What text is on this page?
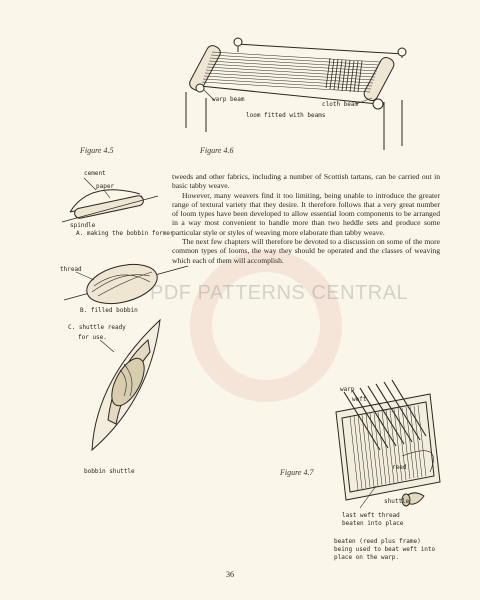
PDF PATTERNS CENTRAL
warp beam
cloth beam
loom fitted with beams
Figure 4.5	Figure 4.6
cement
paper
spindle
A. making the bobbin former
thread
B. filled bobbin
C. shuttle ready
for use.
bobbin shuttle

tweeds and other fabrics, including a number of Scottish tartans, can be carried out in basic tabby weave.

However, many weavers find it too limiting, being unable to introduce the greater range of textural variety that they desire. It therefore follows that a very great number of loom types have been developed to allow essential loom components to be arranged in a way most convenient to handle more than two heddle sets and produce some particular style or styles of weaving more elaborate than tabby weave.

The next few chapters will therefore be devoted to a discussion on some of the more common types of looms, the way they should be operated and the classes of weaving which each of them will accomplish.

warp
weft
reed
shuttle
last weft thread
beaten into place
Figure 4.7
beaten (reed plus frame)
being used to beat weft into
place on the warp.
36
